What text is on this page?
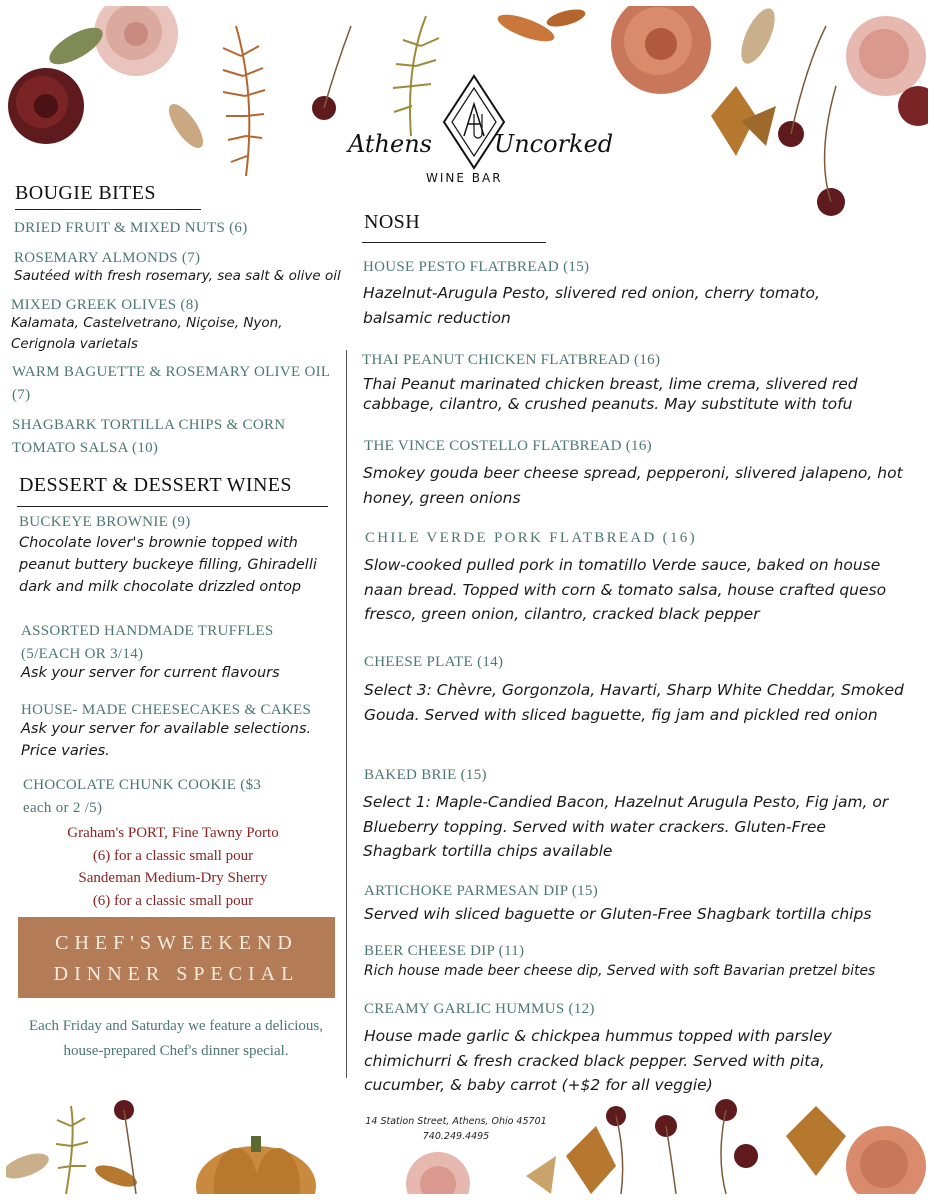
Athens	Uncorked
WINE BAR
BOUGIE BITES
DRIED FRUIT & MIXED NUTS (6)
ROSEMARY ALMONDS (7)
Sautéed with fresh rosemary, sea salt & olive oil
MIXED GREEK OLIVES (8)
Kalamata, Castelvetrano, Niçoise, Nyon, Cerignola varietals
WARM BAGUETTE & ROSEMARY OLIVE OIL (7)
SHAGBARK TORTILLA CHIPS & CORN TOMATO SALSA (10)
DESSERT & DESSERT WINES
BUCKEYE BROWNIE (9)
Chocolate lover's brownie topped with peanut buttery buckeye filling, Ghiradelli dark and milk chocolate drizzled ontop
ASSORTED HANDMADE TRUFFLES (5/EACH OR 3/14)
Ask your server for current flavours
HOUSE- MADE CHEESECAKES & CAKES
Ask your server for available selections. Price varies.
CHOCOLATE CHUNK COOKIE ($3 each or 2 /5)
Graham's PORT, Fine Tawny Porto
(6) for a classic small pour
Sandeman Medium-Dry Sherry
(6) for a classic small pour
CHEF'SWEEKEND
DINNER SPECIAL
Each Friday and Saturday we feature a delicious, house-prepared Chef's dinner special.
NOSH
HOUSE PESTO FLATBREAD (15)
Hazelnut-Arugula Pesto, slivered red onion, cherry tomato, balsamic reduction
THAI PEANUT CHICKEN FLATBREAD (16)
Thai Peanut marinated chicken breast, lime crema, slivered red cabbage, cilantro, & crushed peanuts. May substitute with tofu
THE VINCE COSTELLO FLATBREAD (16)
Smokey gouda beer cheese spread, pepperoni, slivered jalapeno, hot honey, green onions
CHILE VERDE PORK FLATBREAD (16)
Slow-cooked pulled pork in tomatillo Verde sauce, baked on house naan bread. Topped with corn & tomato salsa, house crafted queso fresco, green onion, cilantro, cracked black pepper
CHEESE PLATE (14)
Select 3: Chèvre, Gorgonzola, Havarti, Sharp White Cheddar, Smoked Gouda. Served with sliced baguette, fig jam and pickled red onion
BAKED BRIE (15)
Select 1: Maple-Candied Bacon, Hazelnut Arugula Pesto, Fig jam, or Blueberry topping. Served with water crackers. Gluten-Free Shagbark tortilla chips available
ARTICHOKE PARMESAN DIP (15)
Served wih sliced baguette or Gluten-Free Shagbark tortilla chips
BEER CHEESE DIP (11)
Rich house made beer cheese dip, Served with soft Bavarian pretzel bites
CREAMY GARLIC HUMMUS (12)
House made garlic & chickpea hummus topped with parsley chimichurri & fresh cracked black pepper. Served with pita, cucumber, & baby carrot (+$2 for all veggie)
14 Station Street, Athens, Ohio 45701
740.249.4495
